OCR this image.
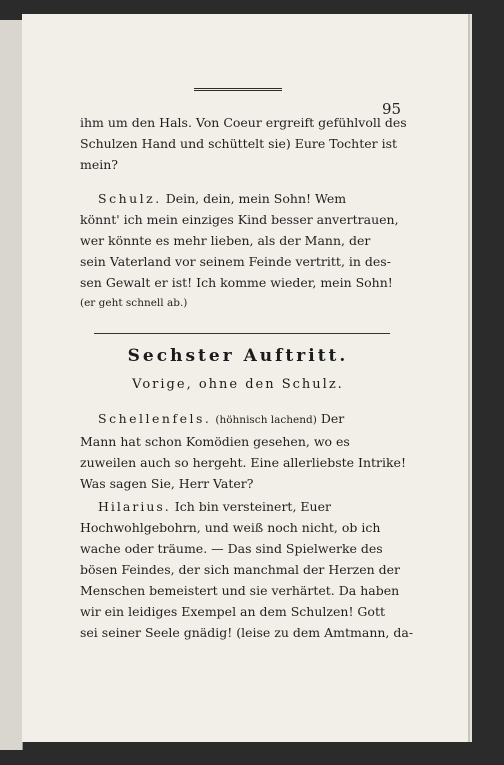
95
ihm um den Hals. Von Coeur ergreift gefühlvoll des
Schulzen Hand und schüttelt sie) Eure Tochter ist
mein?
Schulz. Dein, dein, mein Sohn! Wem
könnt' ich mein einziges Kind besser anvertrauen,
wer könnte es mehr lieben, als der Mann, der
sein Vaterland vor seinem Feinde vertritt, in des-
sen Gewalt er ist! Ich komme wieder, mein Sohn!
(er geht schnell ab.)
Sechster Auftritt.
Vorige, ohne den Schulz.
Schellenfels. (höhnisch lachend) Der
Mann hat schon Komödien gesehen, wo es
zuweilen auch so hergeht. Eine allerliebste Intrike!
Was sagen Sie, Herr Vater?
Hilarius. Ich bin versteinert, Euer
Hochwohlgebohrn, und weiß noch nicht, ob ich
wache oder träume. — Das sind Spielwerke des
bösen Feindes, der sich manchmal der Herzen der
Menschen bemeistert und sie verhärtet. Da haben
wir ein leidiges Exempel an dem Schulzen! Gott
sei seiner Seele gnädig! (leise zu dem Amtmann, da-
